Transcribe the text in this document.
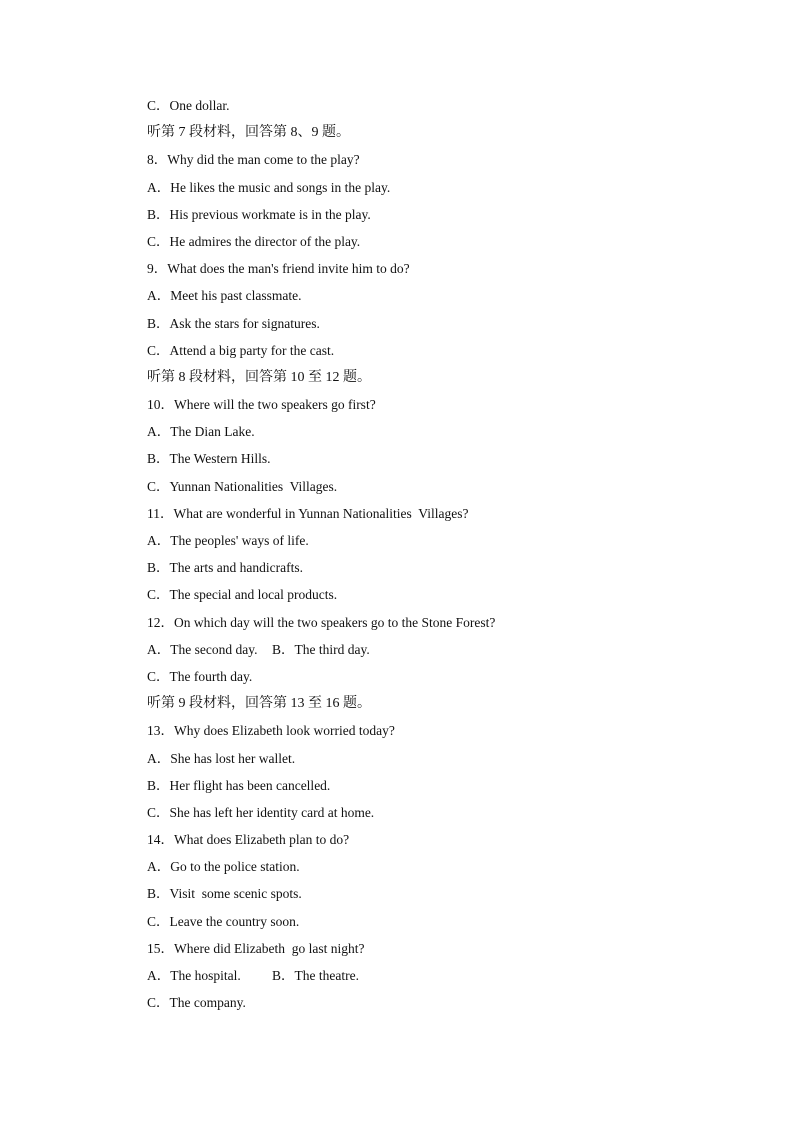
C．One dollar.
听第 7 段材料，回答第 8、9 题。
8．Why did the man come to the play?
A．He likes the music and songs in the play.
B．His previous workmate is in the play.
C．He admires the director of the play.
9．What does the man's friend invite him to do?
A．Meet his past classmate.
B．Ask the stars for signatures.
C．Attend a big party for the cast.
听第 8 段材料，回答第 10 至 12 题。
10．Where will the two speakers go first?
A．The Dian Lake.
B．The Western Hills.
C．Yunnan Nationalities  Villages.
11．What are wonderful in Yunnan Nationalities  Villages?
A．The peoples' ways of life.
B．The arts and handicrafts.
C．The special and local products.
12．On which day will the two speakers go to the Stone Forest?
A．The second day. B．The third day.
C．The fourth day.
听第 9 段材料，回答第 13 至 16 题。
13．Why does Elizabeth look worried today?
A．She has lost her wallet.
B．Her flight has been cancelled.
C．She has left her identity card at home.
14．What does Elizabeth plan to do?
A．Go to the police station.
B．Visit  some scenic spots.
C．Leave the country soon.
15．Where did Elizabeth  go last night?
A．The hospital. B．The theatre.
C．The company.
